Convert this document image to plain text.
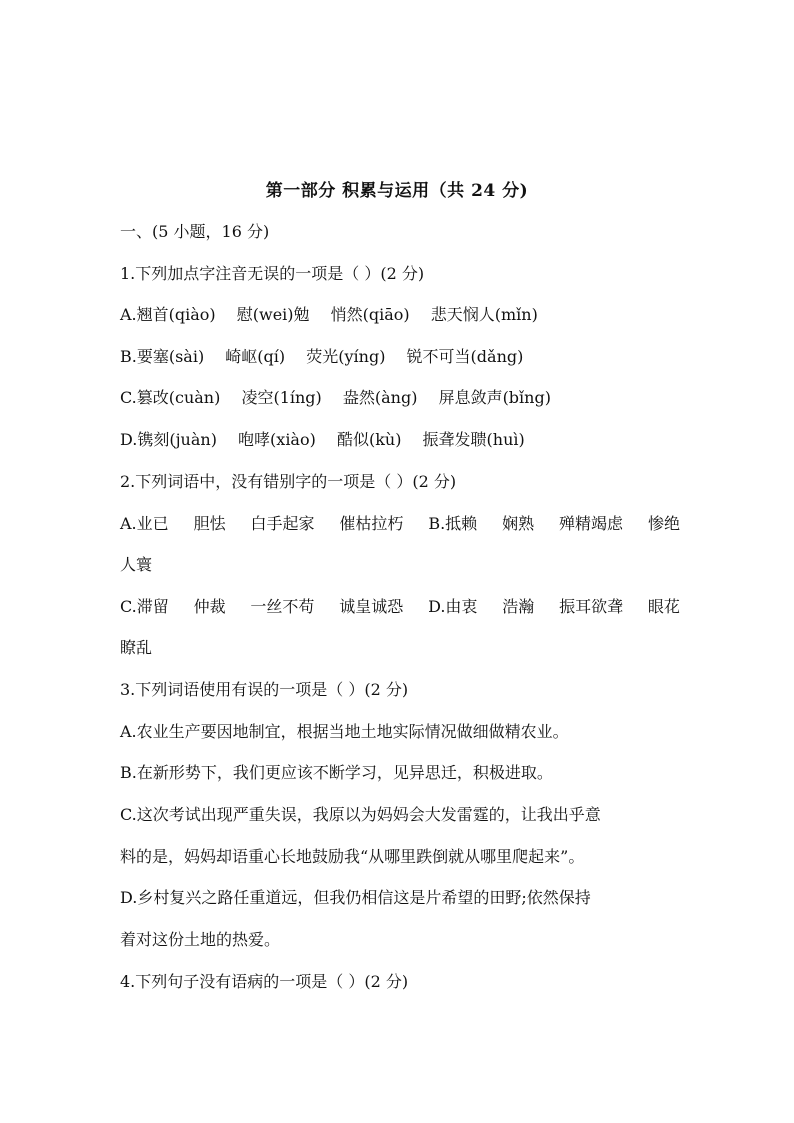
第一部分 积累与运用（共 24 分)
一、(5 小题，16 分)
1.下列加点字注音无误的一项是（ ）(2 分)
A.翘首(qiào) 慰(wei)勉 悄然(qiāo) 悲天悯人(mǐn)
B.要塞(sài) 崎岖(qí) 荧光(yíng) 锐不可当(dǎng)
C.篡改(cuàn) 凌空(1íng) 盎然(àng) 屏息敛声(bǐng)
D.镌刻(juàn) 咆哮(xiào) 酷似(kù) 振聋发聩(huì)
2.下列词语中，没有错别字的一项是（ ）(2 分)
A.业已 胆怯 白手起家 催枯拉朽 B.抵赖 娴熟 殚精竭虑 惨绝
人寰
C.滞留 仲裁 一丝不苟 诚皇诚恐 D.由衷 浩瀚 振耳欲聋 眼花
瞭乱
3.下列词语使用有误的一项是（ ）(2 分)
A.农业生产要因地制宜，根据当地土地实际情况做细做精农业。
B.在新形势下，我们更应该不断学习，见异思迁，积极进取。
C.这次考试出现严重失误，我原以为妈妈会大发雷霆的，让我出乎意
料的是，妈妈却语重心长地鼓励我“从哪里跌倒就从哪里爬起来”。
D.乡村复兴之路任重道远，但我仍相信这是片希望的田野;依然保持
着对这份土地的热爱。
4.下列句子没有语病的一项是（ ）(2 分)
